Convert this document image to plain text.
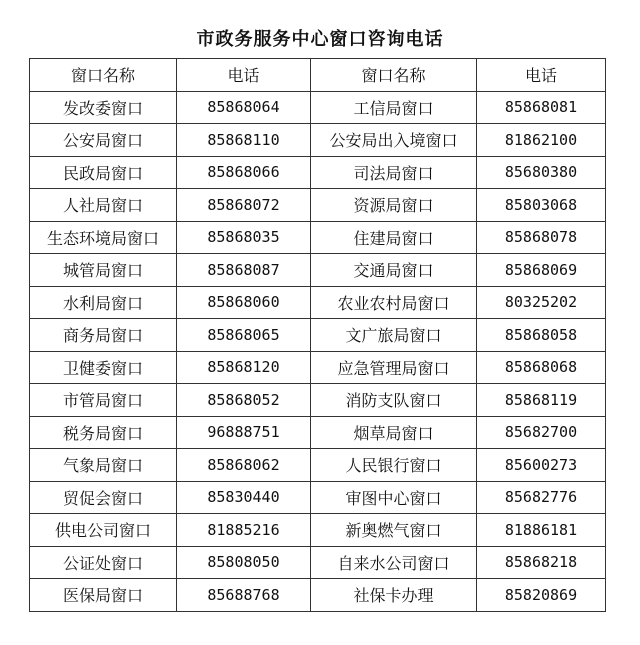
市政务服务中心窗口咨询电话
窗口名称	电话	窗口名称	电话
发改委窗口	85868064	工信局窗口	85868081
公安局窗口	85868110	公安局出入境窗口	81862100
民政局窗口	85868066	司法局窗口	85680380
人社局窗口	85868072	资源局窗口	85803068
生态环境局窗口	85868035	住建局窗口	85868078
城管局窗口	85868087	交通局窗口	85868069
水利局窗口	85868060	农业农村局窗口	80325202
商务局窗口	85868065	文广旅局窗口	85868058
卫健委窗口	85868120	应急管理局窗口	85868068
市管局窗口	85868052	消防支队窗口	85868119
税务局窗口	96888751	烟草局窗口	85682700
气象局窗口	85868062	人民银行窗口	85600273
贸促会窗口	85830440	审图中心窗口	85682776
供电公司窗口	81885216	新奥燃气窗口	81886181
公证处窗口	85808050	自来水公司窗口	85868218
医保局窗口	85688768	社保卡办理	85820869
